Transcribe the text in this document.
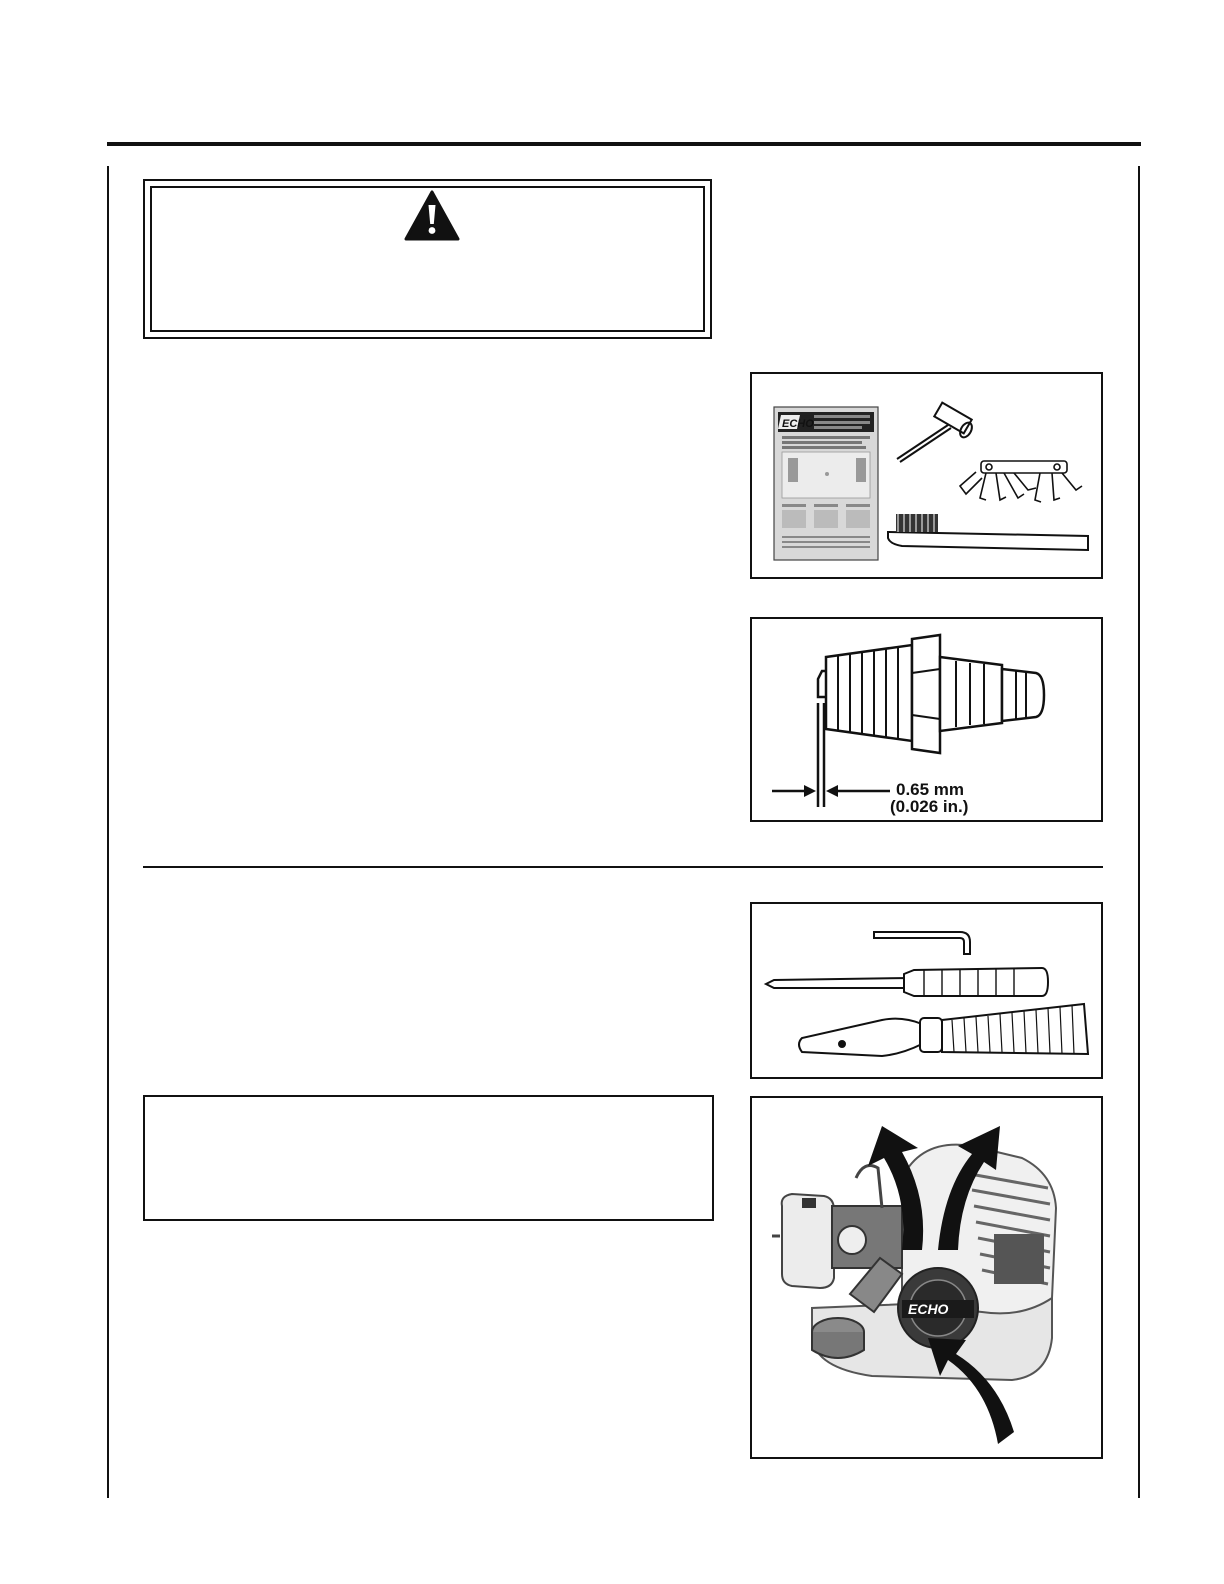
ECHO
0.65 mm
(0.026 in.)
ECHO
